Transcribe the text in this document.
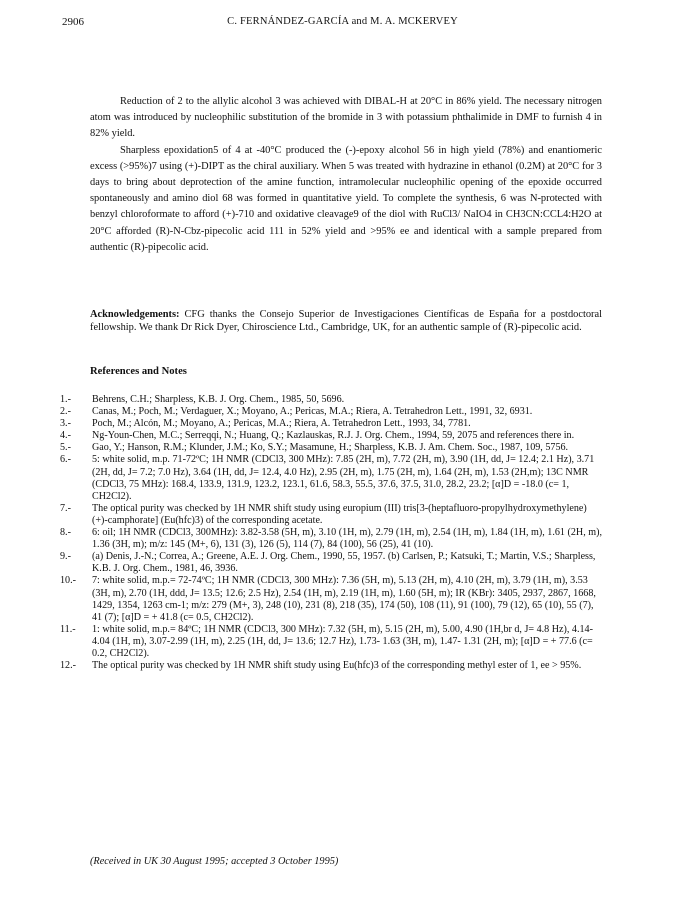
2906	C. FERNÁNDEZ-GARCÍA and M. A. MCKERVEY

Reduction of 2 to the allylic alcohol 3 was achieved with DIBAL-H at 20°C in 86% yield. The necessary nitrogen atom was introduced by nucleophilic substitution of the bromide in 3 with potassium phthalimide in DMF to furnish 4 in 82% yield.

Sharpless epoxidation5 of 4 at -40°C produced the (-)-epoxy alcohol 56 in high yield (78%) and enantiomeric excess (>95%)7 using (+)-DIPT as the chiral auxiliary. When 5 was treated with hydrazine in ethanol (0.2M) at 20°C for 3 days to bring about deprotection of the amine function, intramolecular nucleophilic opening of the epoxide occurred spontaneously and amino diol 68 was formed in quantitative yield. To complete the synthesis, 6 was N-protected with benzyl chloroformate to afford (+)-710 and oxidative cleavage9 of the diol with RuCl3/ NaIO4 in CH3CN:CCL4:H2O at 20°C afforded (R)-N-Cbz-pipecolic acid 111 in 52% yield and >95% ee and identical with a sample prepared from authentic (R)-pipecolic acid.

Acknowledgements: CFG thanks the Consejo Superior de Investigaciones Científicas de España for a postdoctoral fellowship. We thank Dr Rick Dyer, Chiroscience Ltd., Cambridge, UK, for an authentic sample of (R)-pipecolic acid.
References and Notes
1.-	Behrens, C.H.; Sharpless, K.B. J. Org. Chem., 1985, 50, 5696.
2.-	Canas, M.; Poch, M.; Verdaguer, X.; Moyano, A.; Pericas, M.A.; Riera, A. Tetrahedron Lett., 1991, 32, 6931.
3.-	Poch, M.; Alcón, M.; Moyano, A.; Pericas, M.A.; Riera, A. Tetrahedron Lett., 1993, 34, 7781.
4.-	Ng-Youn-Chen, M.C.; Serreqqi, N.; Huang, Q.; Kazlauskas, R.J. J. Org. Chem., 1994, 59, 2075 and references there in.
5.-	Gao, Y.; Hanson, R.M.; Klunder, J.M.; Ko, S.Y.; Masamune, H.; Sharpless, K.B. J. Am. Chem. Soc., 1987, 109, 5756.
6.-	5: white solid, m.p. 71-72ºC; 1H NMR (CDCl3, 300 MHz): 7.85 (2H, m), 7.72 (2H, m), 3.90 (1H, dd, J= 12.4; 2.1 Hz), 3.71 (2H, dd, J= 7.2; 7.0 Hz), 3.64 (1H, dd, J= 12.4, 4.0 Hz), 2.95 (2H, m), 1.75 (2H, m), 1.64 (2H, m), 1.53 (2H,m); 13C NMR (CDCl3, 75 MHz): 168.4, 133.9, 131.9, 123.2, 123.1, 61.6, 58.3, 55.5, 37.6, 37.5, 31.0, 28.2, 23.2; [α]D = -18.0 (c= 1, CH2Cl2).
7.-	The optical purity was checked by 1H NMR shift study using europium (III) tris[3-(heptafluoro-propylhydroxymethylene) (+)-camphorate] (Eu(hfc)3) of the corresponding acetate.
8.-	6: oil; 1H NMR (CDCl3, 300MHz): 3.82-3.58 (5H, m), 3.10 (1H, m), 2.79 (1H, m), 2.54 (1H, m), 1.84 (1H, m), 1.61 (2H, m), 1.36 (3H, m); m/z: 145 (M+, 6), 131 (3), 126 (5), 114 (7), 84 (100), 56 (25), 41 (10).
9.-	(a) Denis, J.-N.; Correa, A.; Greene, A.E. J. Org. Chem., 1990, 55, 1957. (b) Carlsen, P.; Katsuki, T.; Martin, V.S.; Sharpless, K.B. J. Org. Chem., 1981, 46, 3936.
10.-	7: white solid, m.p.= 72-74ºC; 1H NMR (CDCl3, 300 MHz): 7.36 (5H, m), 5.13 (2H, m), 4.10 (2H, m), 3.79 (1H, m), 3.53 (3H, m), 2.70 (1H, ddd, J= 13.5; 12.6; 2.5 Hz), 2.54 (1H, m), 2.19 (1H, m), 1.60 (5H, m); IR (KBr): 3405, 2937, 2867, 1668, 1429, 1354, 1263 cm-1; m/z: 279 (M+, 3), 248 (10), 231 (8), 218 (35), 174 (50), 108 (11), 91 (100), 79 (12), 65 (10), 55 (7), 41 (7); [α]D = + 41.8 (c= 0.5, CH2Cl2).
11.-	1: white solid, m.p.= 84ºC; 1H NMR (CDCl3, 300 MHz): 7.32 (5H, m), 5.15 (2H, m), 5.00, 4.90 (1H,br d, J= 4.8 Hz), 4.14-4.04 (1H, m), 3.07-2.99 (1H, m), 2.25 (1H, dd, J= 13.6; 12.7 Hz), 1.73- 1.63 (3H, m), 1.47- 1.31 (2H, m); [α]D = + 77.6 (c= 0.2, CH2Cl2).
12.-	The optical purity was checked by 1H NMR shift study using Eu(hfc)3 of the corresponding methyl ester of 1, ee > 95%.
(Received in UK 30 August 1995; accepted 3 October 1995)
